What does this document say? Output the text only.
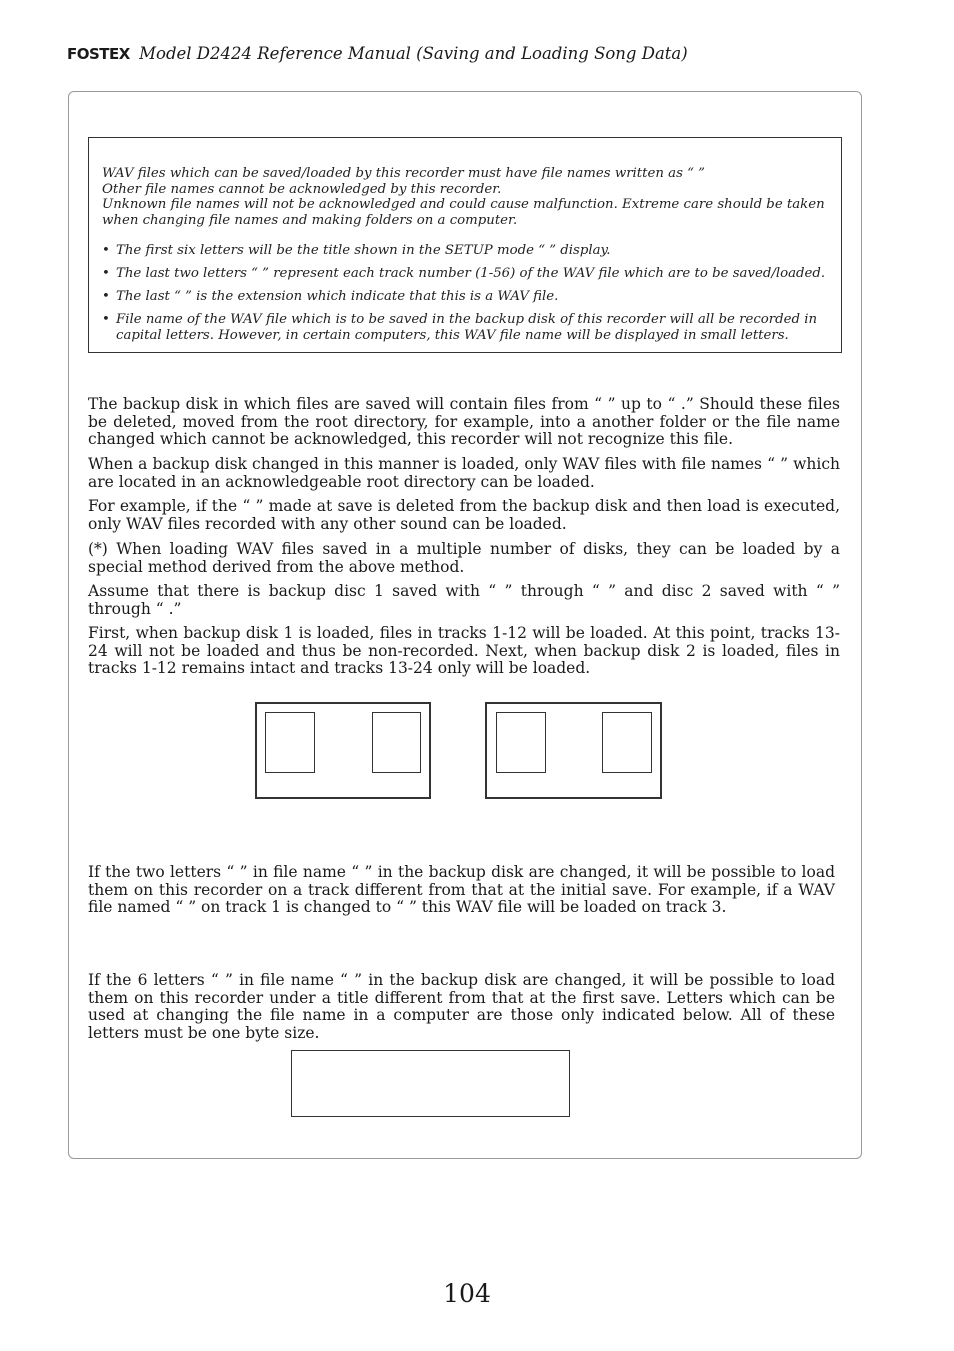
FOSTEX Model D2424 Reference Manual (Saving and Loading Song Data)

WAV files which can be saved/loaded by this recorder must have file names written as “ ”
Other file names cannot be acknowledged by this recorder.
Unknown file names will not be acknowledged and could cause malfunction. Extreme care should be taken when changing file names and making folders on a computer.

• The first six letters will be the title shown in the SETUP mode “ ” display.
• The last two letters “ ” represent each track number (1-56) of the WAV file which are to be saved/loaded.
• The last “ ” is the extension which indicate that this is a WAV file.
• File name of the WAV file which is to be saved in the backup disk of this recorder will all be recorded in capital letters. However, in certain computers, this WAV file name will be displayed in small letters.

The backup disk in which files are saved will contain files from “ ” up to “ .” Should these files be deleted, moved from the root directory, for example, into a another folder or the file name changed which cannot be acknowledged, this recorder will not recognize this file.

When a backup disk changed in this manner is loaded, only WAV files with file names “ ” which are located in an acknowledgeable root directory can be loaded.

For example, if the “ ” made at save is deleted from the backup disk and then load is executed, only WAV files recorded with any other sound can be loaded.

(*) When loading WAV files saved in a multiple number of disks, they can be loaded by a special method derived from the above method.

Assume that there is backup disc 1 saved with “ ” through “ ” and disc 2 saved with “ ” through “ .”

First, when backup disk 1 is loaded, files in tracks 1-12 will be loaded. At this point, tracks 13-24 will not be loaded and thus be non-recorded. Next, when backup disk 2 is loaded, files in tracks 1-12 remains intact and tracks 13-24 only will be loaded.

If the two letters “ ” in file name “ ” in the backup disk are changed, it will be possible to load them on this recorder on a track different from that at the initial save. For example, if a WAV file named “ ” on track 1 is changed to “ ” this WAV file will be loaded on track 3.

If the 6 letters “ ” in file name “ ” in the backup disk are changed, it will be possible to load them on this recorder under a title different from that at the first save. Letters which can be used at changing the file name in a computer are those only indicated below. All of these letters must be one byte size.

104
